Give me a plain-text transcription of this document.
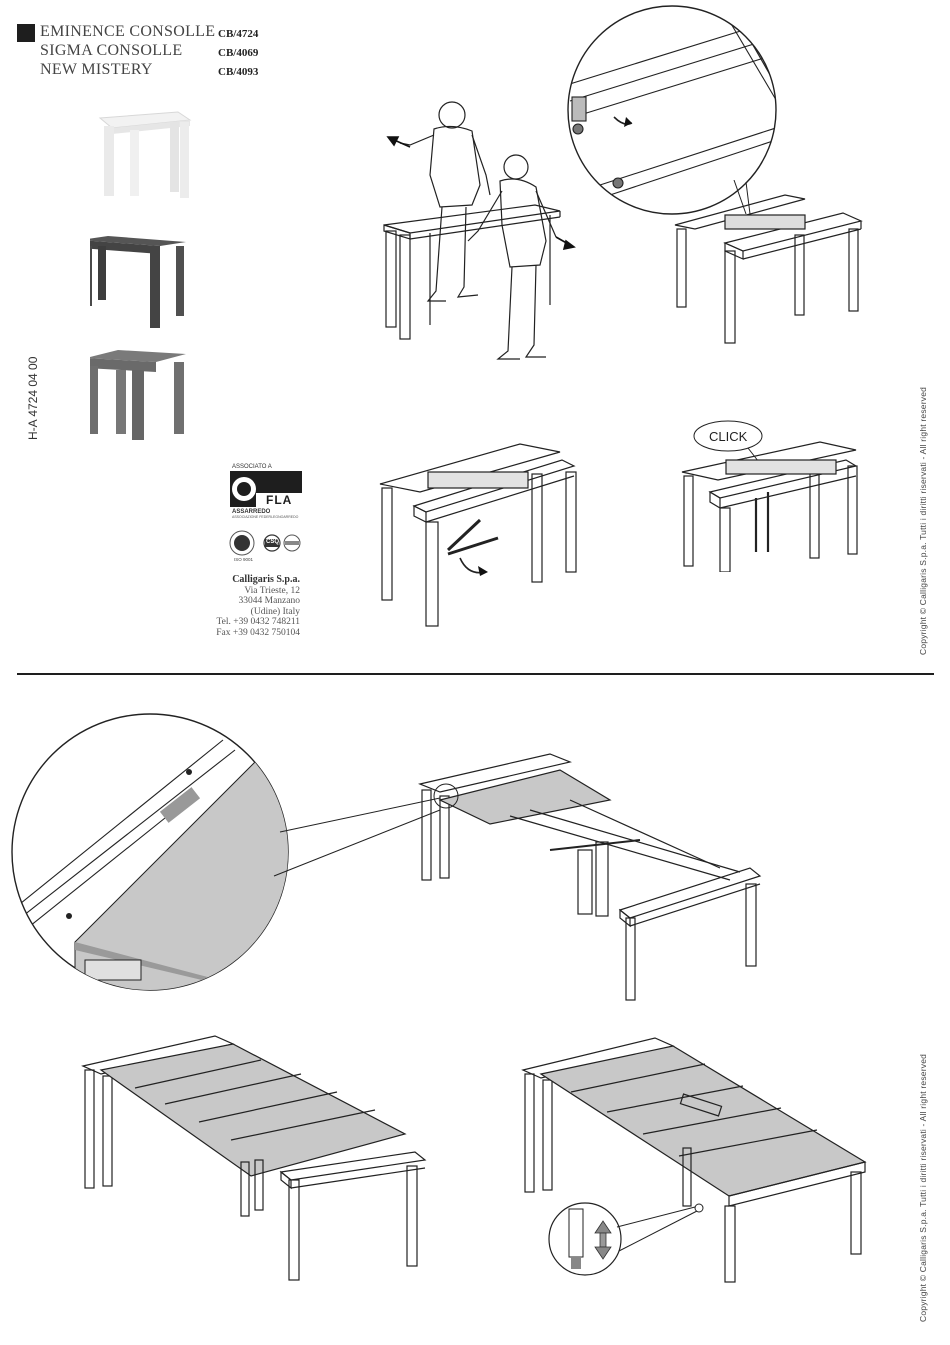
EMINENCE CONSOLLE
SIGMA CONSOLLE
NEW MISTERY
CB/4724
CB/4069
CB/4093
H-A 4724 04 00
ASSOCIATO A
FLA
ASSARREDO
ASSOCIAZIONE FEDERLEGNOARREDO
CSQ
ISO 9001
Calligaris S.p.a.
Via Trieste, 12
33044 Manzano
(Udine) Italy
Tel. +39 0432 748211
Fax +39 0432 750104	Copyright © Calligaris S.p.a. Tutti i diritti riservati - All right reserved
Copyright © Calligaris S.p.a. Tutti i diritti riservati - All right reserved
CLICK
